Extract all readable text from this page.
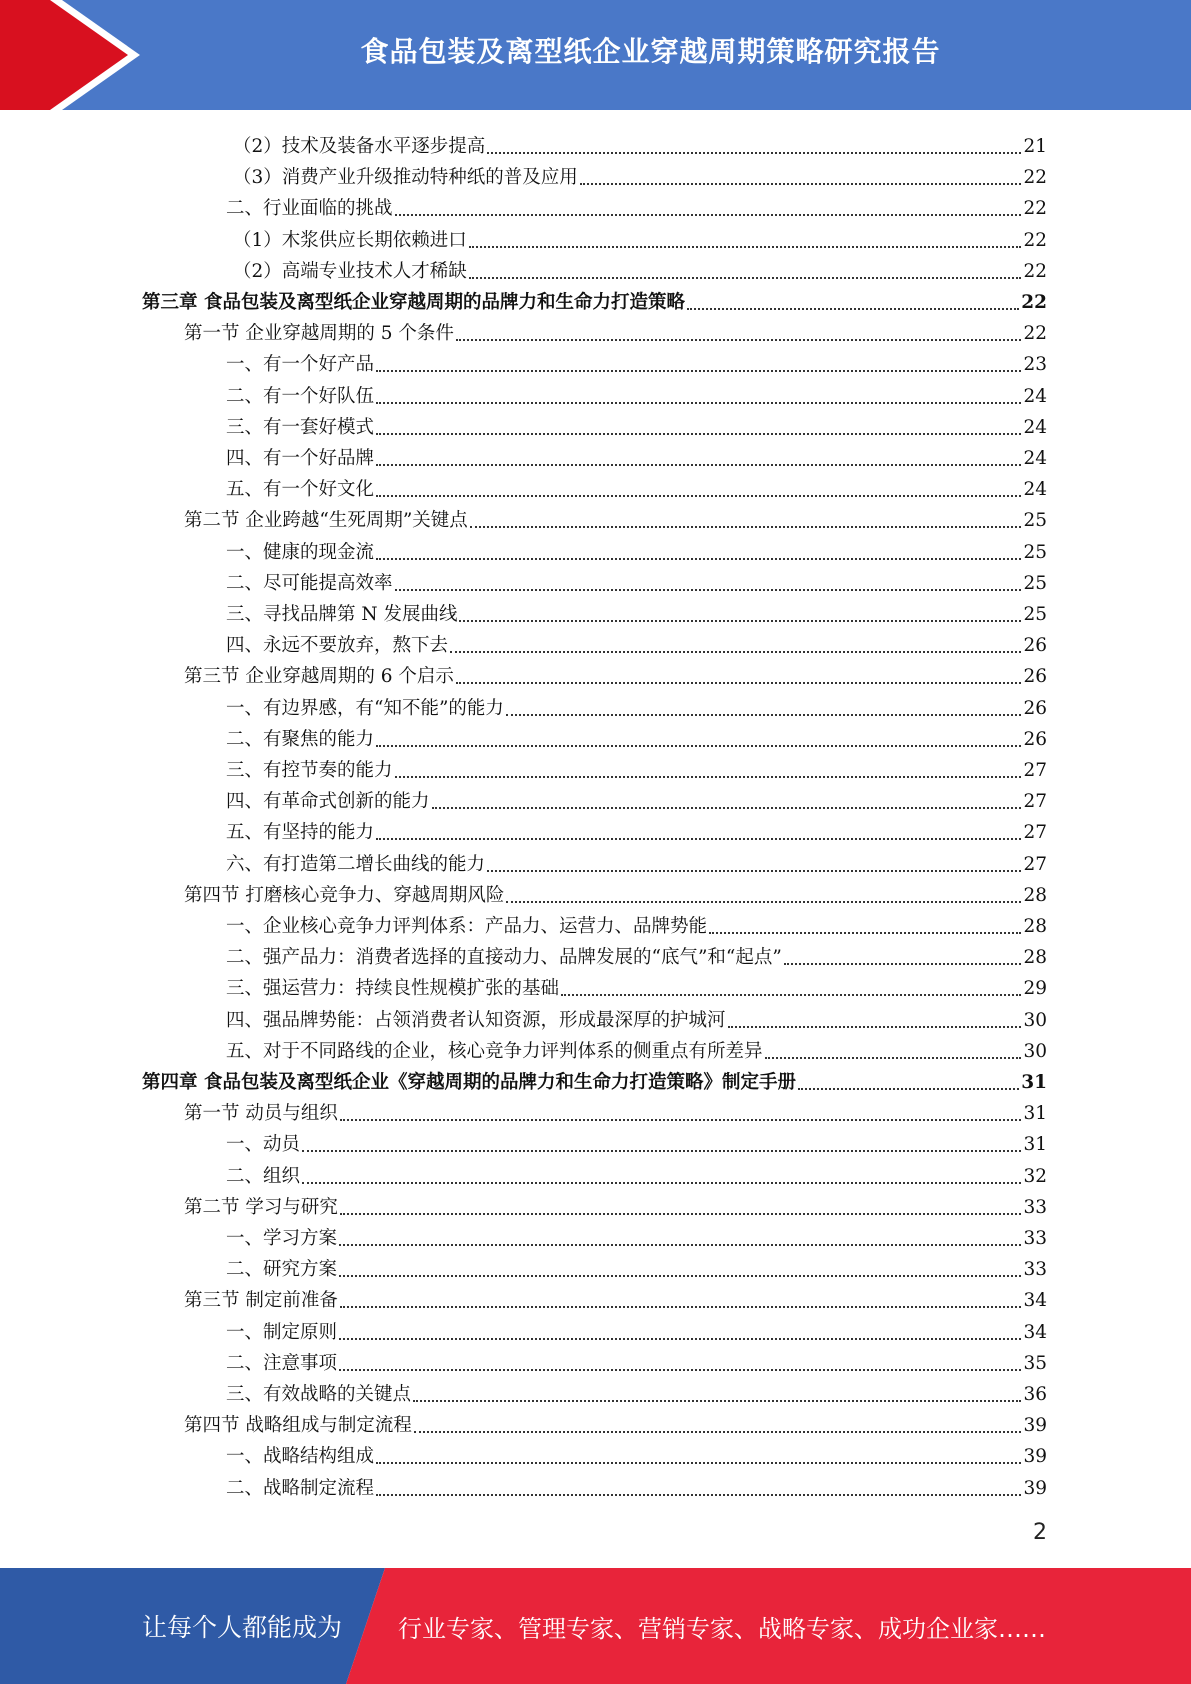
食品包装及离型纸企业穿越周期策略研究报告
（2）技术及装备水平逐步提高	21
（3）消费产业升级推动特种纸的普及应用	22
二、行业面临的挑战	22
（1）木浆供应长期依赖进口	22
（2）高端专业技术人才稀缺	22
第三章 食品包装及离型纸企业穿越周期的品牌力和生命力打造策略	22
第一节 企业穿越周期的 5 个条件	22
一、有一个好产品	23
二、有一个好队伍	24
三、有一套好模式	24
四、有一个好品牌	24
五、有一个好文化	24
第二节 企业跨越“生死周期”关键点	25
一、健康的现金流	25
二、尽可能提高效率	25
三、寻找品牌第 N 发展曲线	25
四、永远不要放弃，熬下去	26
第三节 企业穿越周期的 6 个启示	26
一、有边界感，有“知不能”的能力	26
二、有聚焦的能力	26
三、有控节奏的能力	27
四、有革命式创新的能力	27
五、有坚持的能力	27
六、有打造第二增长曲线的能力	27
第四节 打磨核心竞争力、穿越周期风险	28
一、企业核心竞争力评判体系：产品力、运营力、品牌势能	28
二、强产品力：消费者选择的直接动力、品牌发展的“底气”和“起点”	28
三、强运营力：持续良性规模扩张的基础	29
四、强品牌势能：占领消费者认知资源，形成最深厚的护城河	30
五、对于不同路线的企业，核心竞争力评判体系的侧重点有所差异	30
第四章 食品包装及离型纸企业《穿越周期的品牌力和生命力打造策略》制定手册	31
第一节 动员与组织	31
一、动员	31
二、组织	32
第二节 学习与研究	33
一、学习方案	33
二、研究方案	33
第三节 制定前准备	34
一、制定原则	34
二、注意事项	35
三、有效战略的关键点	36
第四节 战略组成与制定流程	39
一、战略结构组成	39
二、战略制定流程	39
2
让每个人都能成为 行业专家、管理专家、营销专家、战略专家、成功企业家……
